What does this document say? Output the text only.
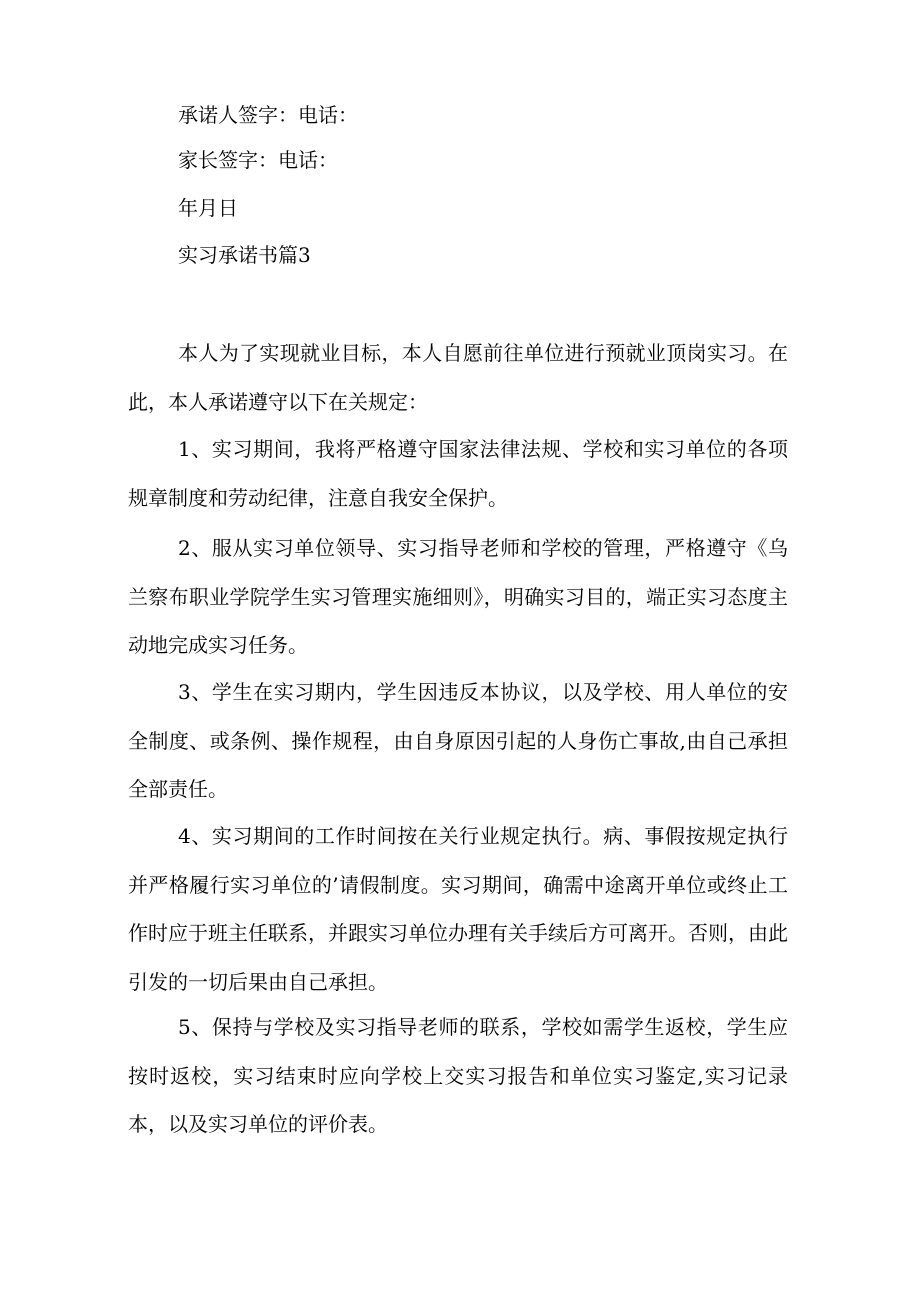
承诺人签字：电话：
家长签字：电话：
年月日
实习承诺书篇3

本人为了实现就业目标，本人自愿前往单位进行预就业顶岗实习。在此，本人承诺遵守以下在关规定：

1、实习期间，我将严格遵守国家法律法规、学校和实习单位的各项规章制度和劳动纪律，注意自我安全保护。

2、服从实习单位领导、实习指导老师和学校的管理，严格遵守《乌兰察布职业学院学生实习管理实施细则》，明确实习目的，端正实习态度主动地完成实习任务。

3、学生在实习期内，学生因违反本协议，以及学校、用人单位的安全制度、或条例、操作规程，由自身原因引起的人身伤亡事故,由自己承担全部责任。

4、实习期间的工作时间按在关行业规定执行。病、事假按规定执行并严格履行实习单位的’请假制度。实习期间，确需中途离开单位或终止工作时应于班主任联系，并跟实习单位办理有关手续后方可离开。否则，由此引发的一切后果由自己承担。

5、保持与学校及实习指导老师的联系，学校如需学生返校，学生应按时返校，实习结束时应向学校上交实习报告和单位实习鉴定,实习记录本，以及实习单位的评价表。
